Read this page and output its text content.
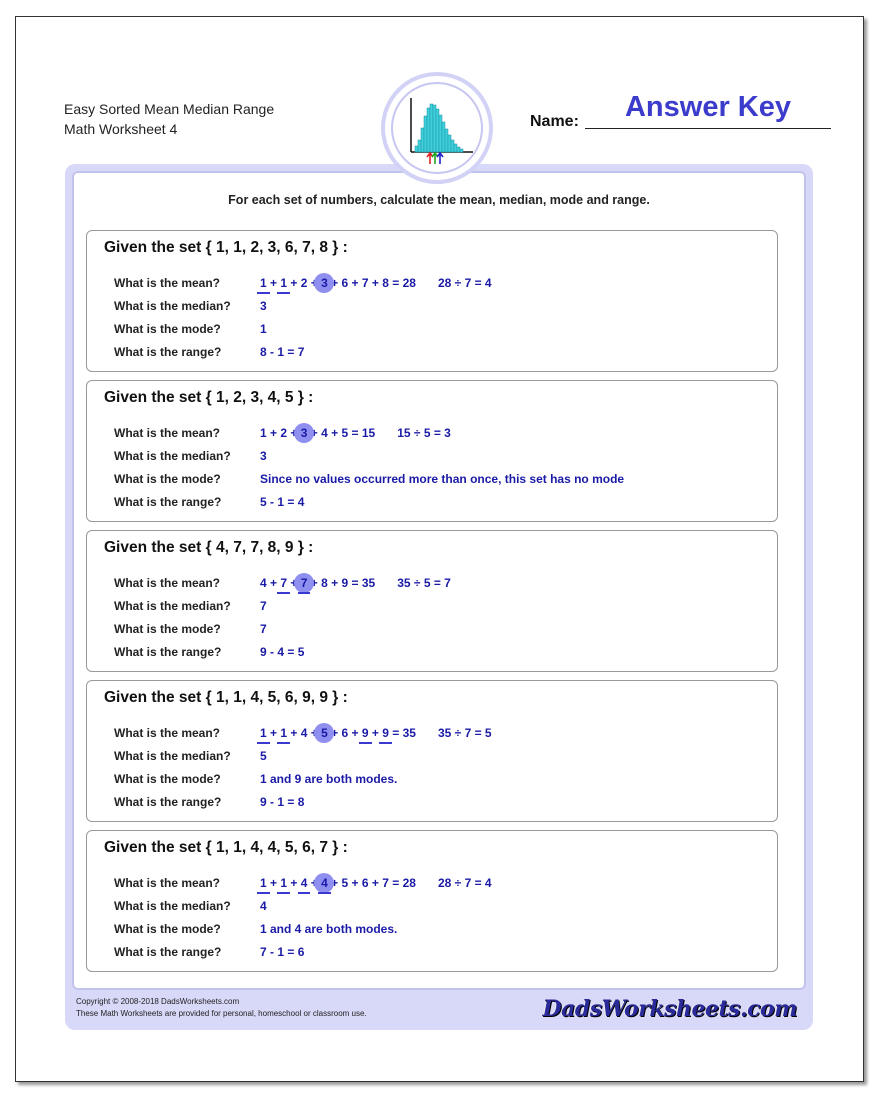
Easy Sorted Mean Median Range
Math Worksheet 4	Name:	Answer Key
For each set of numbers, calculate the mean, median, mode and range.
Given the set { 1, 1, 2, 3, 6, 7, 8 } :
What is the mean?	1 + 1 + 2 + 3 + 6 + 7 + 8 = 28 28 ÷ 7 = 4
What is the median? 3
What is the mode?	1
What is the range?	8 - 1 = 7
Given the set { 1, 2, 3, 4, 5 } :
What is the mean?	1 + 2 + 3 + 4 + 5 = 15 15 ÷ 5 = 3
What is the median? 3
What is the mode?	Since no values occurred more than once, this set has no mode
What is the range?	5 - 1 = 4
Given the set { 4, 7, 7, 8, 9 } :
What is the mean?	4 + 7 + 7 + 8 + 9 = 35 35 ÷ 5 = 7
What is the median? 7
What is the mode?	7
What is the range?	9 - 4 = 5
Given the set { 1, 1, 4, 5, 6, 9, 9 } :
What is the mean?	1 + 1 + 4 + 5 + 6 + 9 + 9 = 35 35 ÷ 7 = 5
What is the median? 5
What is the mode?	1 and 9 are both modes.
What is the range?	9 - 1 = 8
Given the set { 1, 1, 4, 4, 5, 6, 7 } :
What is the mean?	1 + 1 + 4 + 4 + 5 + 6 + 7 = 28 28 ÷ 7 = 4
What is the median? 4
What is the mode?	1 and 4 are both modes.
What is the range?	7 - 1 = 6
Copyright © 2008-2018 DadsWorksheets.com
These Math Worksheets are provided for personal, homeschool or classroom use.	DadsWorksheets.com
